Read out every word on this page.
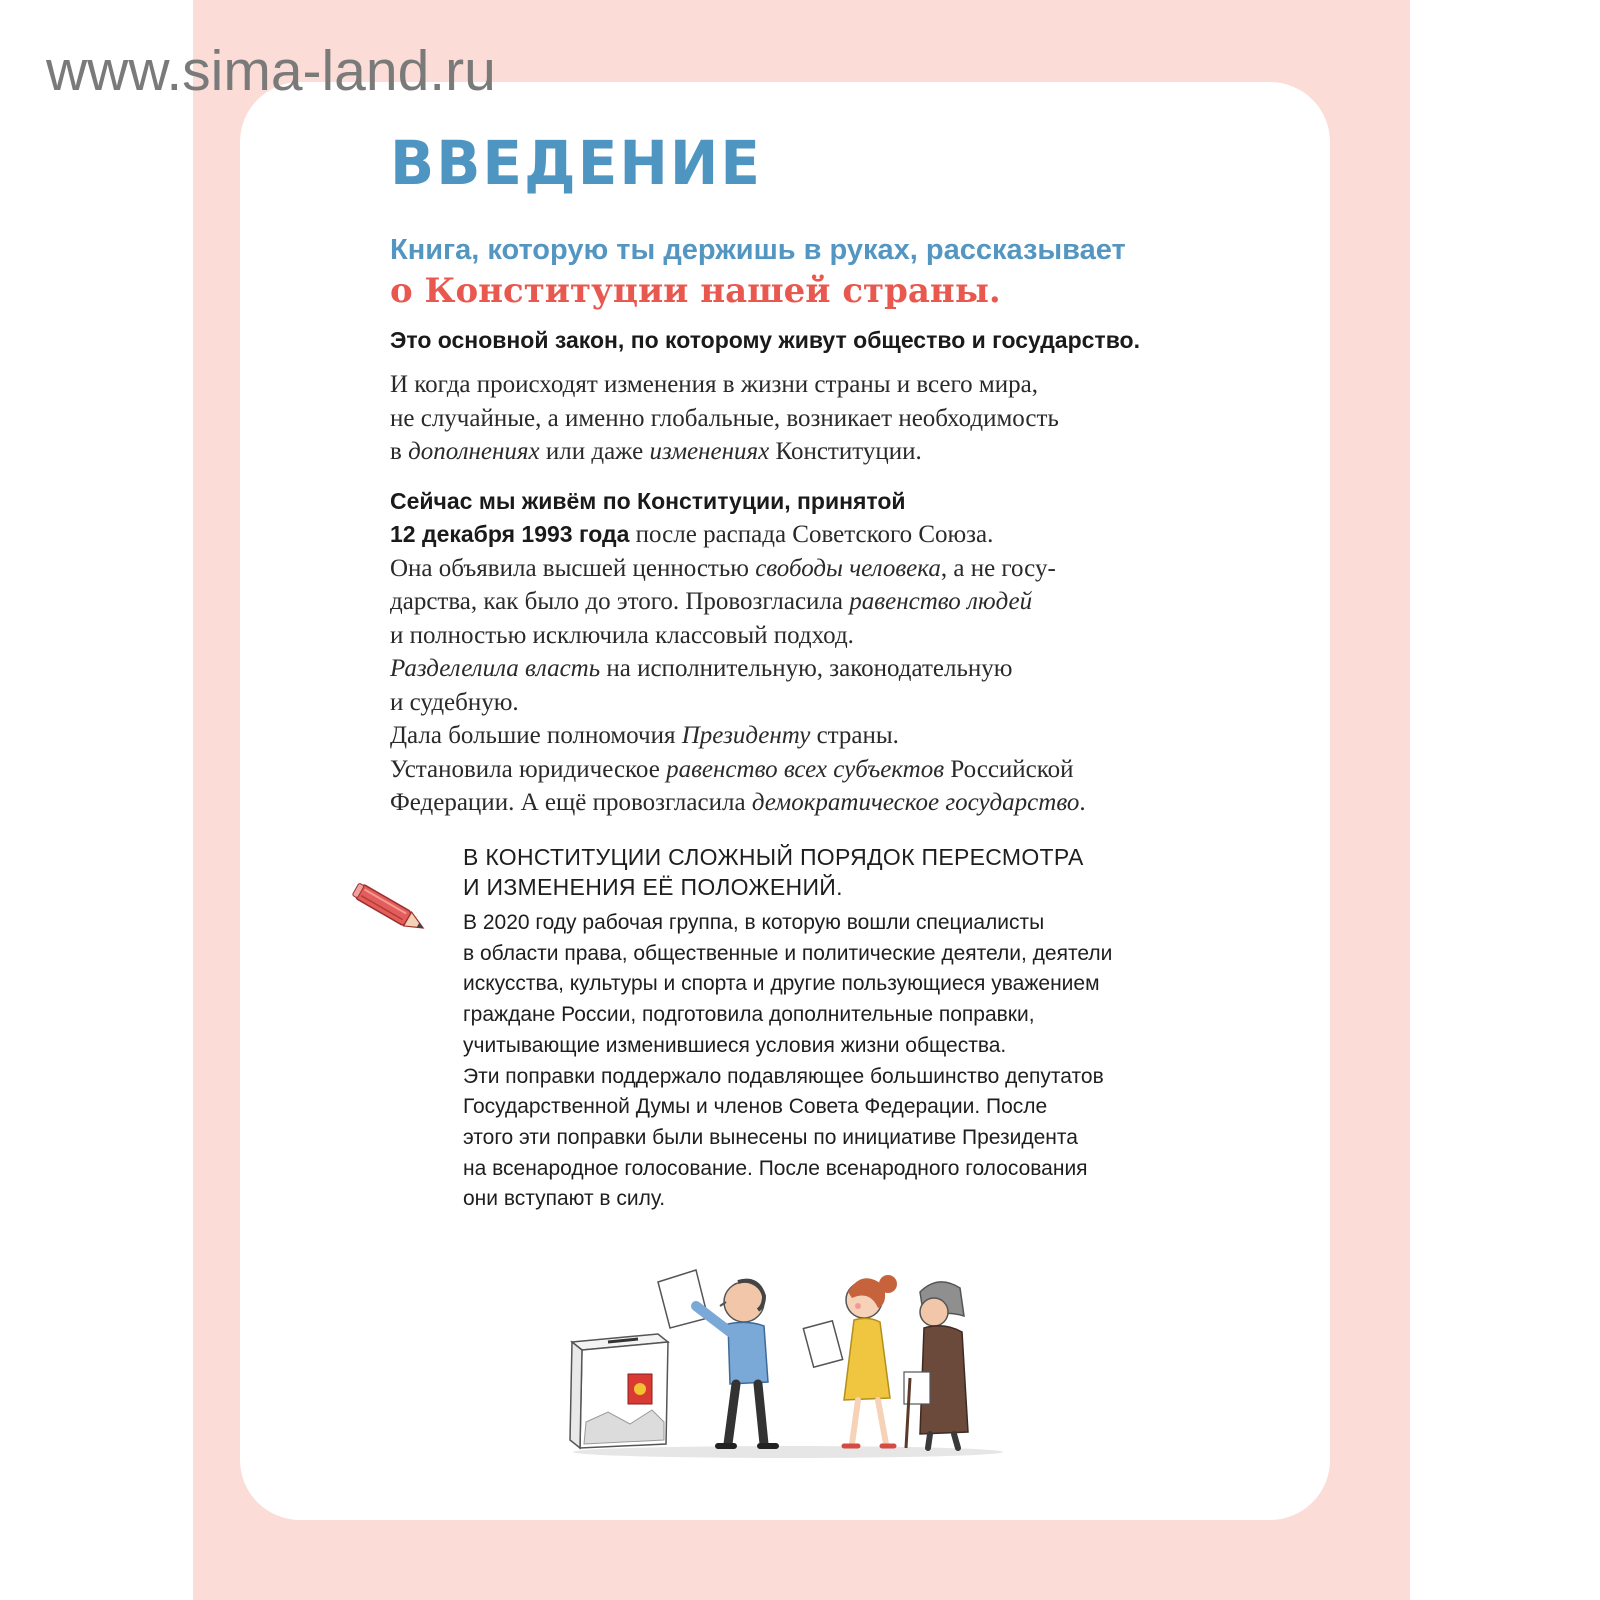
www.sima-land.ru
ВВЕДЕНИЕ

Книга, которую ты держишь в руках, рассказывает

о Конституции нашей страны.

Это основной закон, по которому живут общество и государство.

И когда происходят изменения в жизни страны и всего мира,
не случайные, а именно глобальные, возникает необходимость
в дополнениях или даже изменениях Конституции.

Сейчас мы живём по Конституции, принятой
12 декабря 1993 года после распада Советского Союза.

Она объявила высшей ценностью свободы человека, а не госу-
дарства, как было до этого. Провозгласила равенство людей
и полностью исключила классовый подход.
Разделелила власть на исполнительную, законодательную
и судебную.
Дала большие полномочия Президенту страны.
Установила юридическое равенство всех субъектов Российской
Федерации. А ещё провозгласила демократическое государство.

В КОНСТИТУЦИИ СЛОЖНЫЙ ПОРЯДОК ПЕРЕСМОТРА
И ИЗМЕНЕНИЯ ЕЁ ПОЛОЖЕНИЙ.

В 2020 году рабочая группа, в которую вошли специалисты
в области права, общественные и политические деятели, деятели
искусства, культуры и спорта и другие пользующиеся уважением
граждане России, подготовила дополнительные поправки,
учитывающие изменившиеся условия жизни общества.
Эти поправки поддержало подавляющее большинство депутатов
Государственной Думы и членов Совета Федерации. После
этого эти поправки были вынесены по инициативе Президента
на всенародное голосование. После всенародного голосования
они вступают в силу.
